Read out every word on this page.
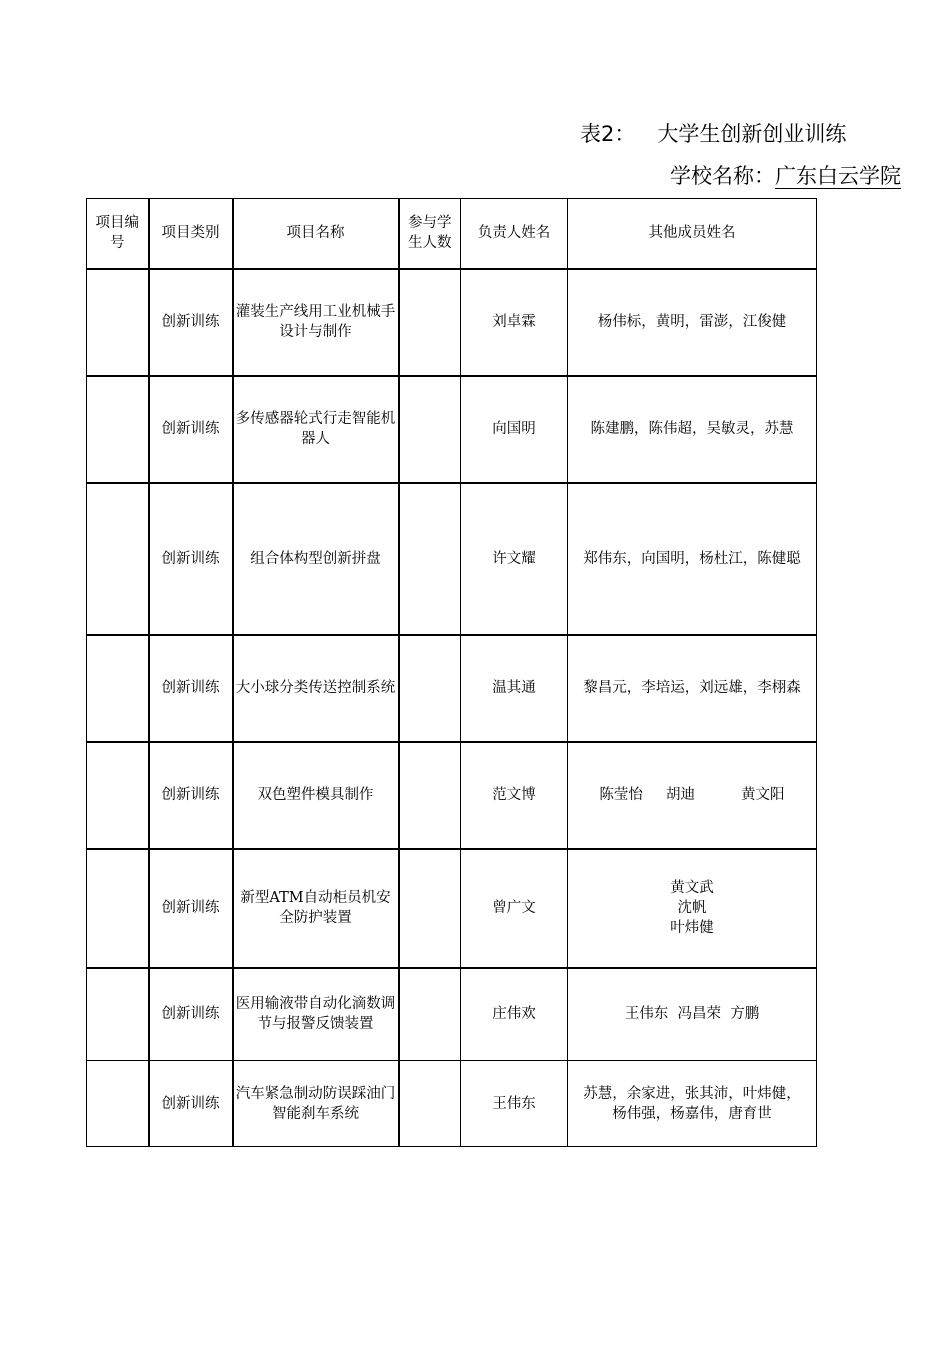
表2： 大学生创新创业训练
学校名称：广东白云学院
项目编号	项目类别	项目名称	参与学生人数	负责人姓名	其他成员姓名
	创新训练	灌装生产线用工业机械手设计与制作		刘卓霖	杨伟标，黄明，雷澎，江俊健

	创新训练	多传感器轮式行走智能机器人		向国明	陈建鹏，陈伟超，吴敏灵，苏慧

	创新训练	组合体构型创新拼盘		许文耀	郑伟东，向国明，杨杜江，陈健聪

	创新训练	大小球分类传送控制系统		温其通	黎昌元，李培运，刘远雄，李栩森

	创新训练	双色塑件模具制作		范文博	陈莹怡     胡迪          黄文阳

	创新训练	新型ATM自动柜员机安全防护装置		曾广文	黄文武
沈帆
叶炜健

	创新训练	医用输液带自动化滴数调节与报警反馈装置		庄伟欢	王伟东  冯昌荣  方鹏

	创新训练	汽车紧急制动防误踩油门智能刹车系统		王伟东	苏慧，余家进，张其沛，叶炜健，
杨伟强，杨嘉伟，唐育世
